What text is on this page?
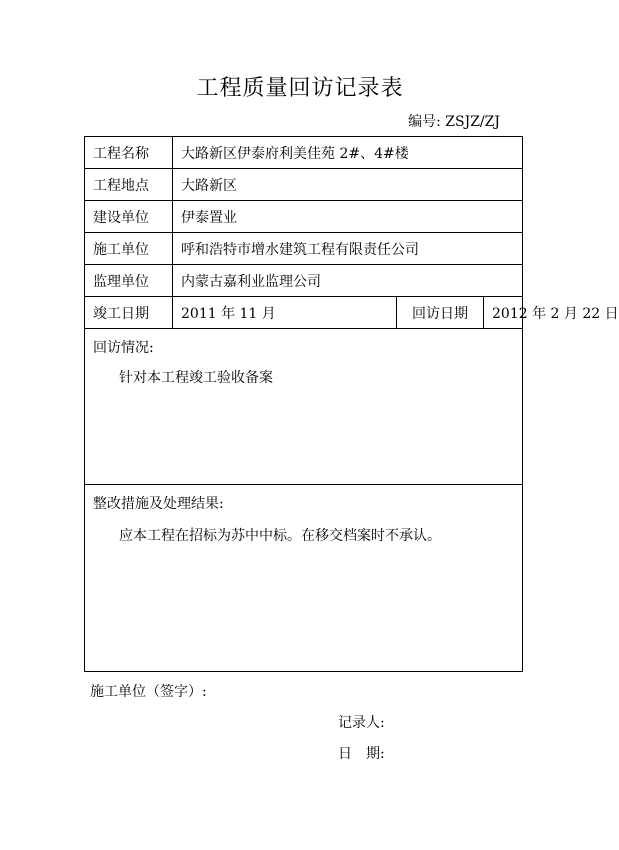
工程质量回访记录表
编号: ZSJZ/ZJ
工程名称	大路新区伊泰府利美佳苑 2#、4#楼
工程地点	大路新区
建设单位	伊泰置业
施工单位	呼和浩特市增水建筑工程有限责任公司
监理单位	内蒙古嘉利业监理公司
竣工日期	2011 年 11 月	回访日期	2012 年 2 月 22 日
回访情况:
针对本工程竣工验收备案
整改措施及处理结果:
应本工程在招标为苏中中标。在移交档案时不承认。
施工单位（签字）:
记录人:
日　期:
